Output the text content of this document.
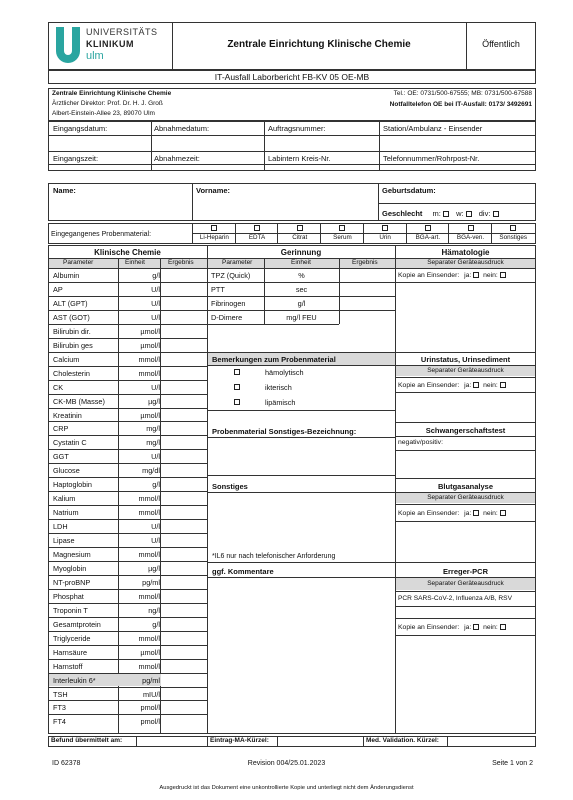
UNIVERSITÄTS
KLINIKUM
ulm
Zentrale Einrichtung Klinische Chemie	Öffentlich
IT-Ausfall Laborbericht FB-KV 05 OE-MB
Zentrale Einrichtung Klinische Chemie
Ärztlicher Direktor: Prof. Dr. H. J. Groß
Albert-Einstein-Allee 23, 89070 Ulm
Tel.: OE: 0731/500-67555; MB: 0731/500-67588
Notfalltelefon OE bei IT-Ausfall: 0173/ 3492691
Eingangsdatum:	Abnahmedatum:	Auftragsnummer:	Station/Ambulanz - Einsender
Eingangszeit:	Abnahmezeit:	Labintern Kreis-Nr.	Telefonnummer/Rohrpost-Nr.
Name:	Vorname:	Geburtsdatum:
Geschlecht m: w: div:
Eingegangenes Probenmaterial:	Li-Heparin	EDTA	Citrat	Serum	Urin	BGA-art.	BGA-ven.	Sonstiges
Klinische Chemie
Parameter	Einheit	Ergebnis
Albumin	g/l
AP	U/l
ALT (GPT)	U/l
AST (GOT)	U/l
Bilirubin dir.	µmol/l
Bilirubin ges	µmol/l
Calcium	mmol/l
Cholesterin	mmol/l
CK	U/l
CK-MB (Masse)	µg/l
Kreatinin	µmol/l
CRP	mg/l
Cystatin C	mg/l
GGT	U/l
Glucose	mg/dl
Haptoglobin	g/l
Kalium	mmol/l
Natrium	mmol/l
LDH	U/l
Lipase	U/l
Magnesium	mmol/l
Myoglobin	µg/l
NT-proBNP	pg/ml
Phosphat	mmol/l
Troponin T	ng/l
Gesamtprotein	g/l
Triglyceride	mmol/l
Harnsäure	µmol/l
Harnstoff	mmol/l
Interleukin 6*	pg/ml
TSH	mIU/l
FT3	pmol/l
FT4	pmol/l
Gerinnung
Parameter	Einheit	Ergebnis
TPZ (Quick)	%
PTT	sec
Fibrinogen	g/l
D-Dimere	mg/l FEU
Bemerkungen zum Probenmaterial
hämolytisch
ikterisch
lipämisch
Probenmaterial Sonstiges-Bezeichnung:
Sonstiges
*IL6 nur nach telefonischer Anforderung
ggf. Kommentare
Hämatologie
Separater Geräteausdruck
Kopie an Einsender: ja: nein:
Urinstatus, Urinsediment
Separater Geräteausdruck
Kopie an Einsender: ja: nein:
Schwangerschaftstest
negativ/positiv:
Blutgasanalyse
Separater Geräteausdruck
Kopie an Einsender: ja: nein:
Erreger-PCR
Separater Geräteausdruck
PCR SARS-CoV-2, Influenza A/B, RSV
Kopie an Einsender: ja: nein:
Befund übermittelt am:	Eintrag-MA-Kürzel:	Med. Validation. Kürzel:
ID 62378	Revision 004/25.01.2023	Seite 1 von 2
Ausgedruckt ist das Dokument eine unkontrollierte Kopie und unterliegt nicht dem Änderungsdienst
